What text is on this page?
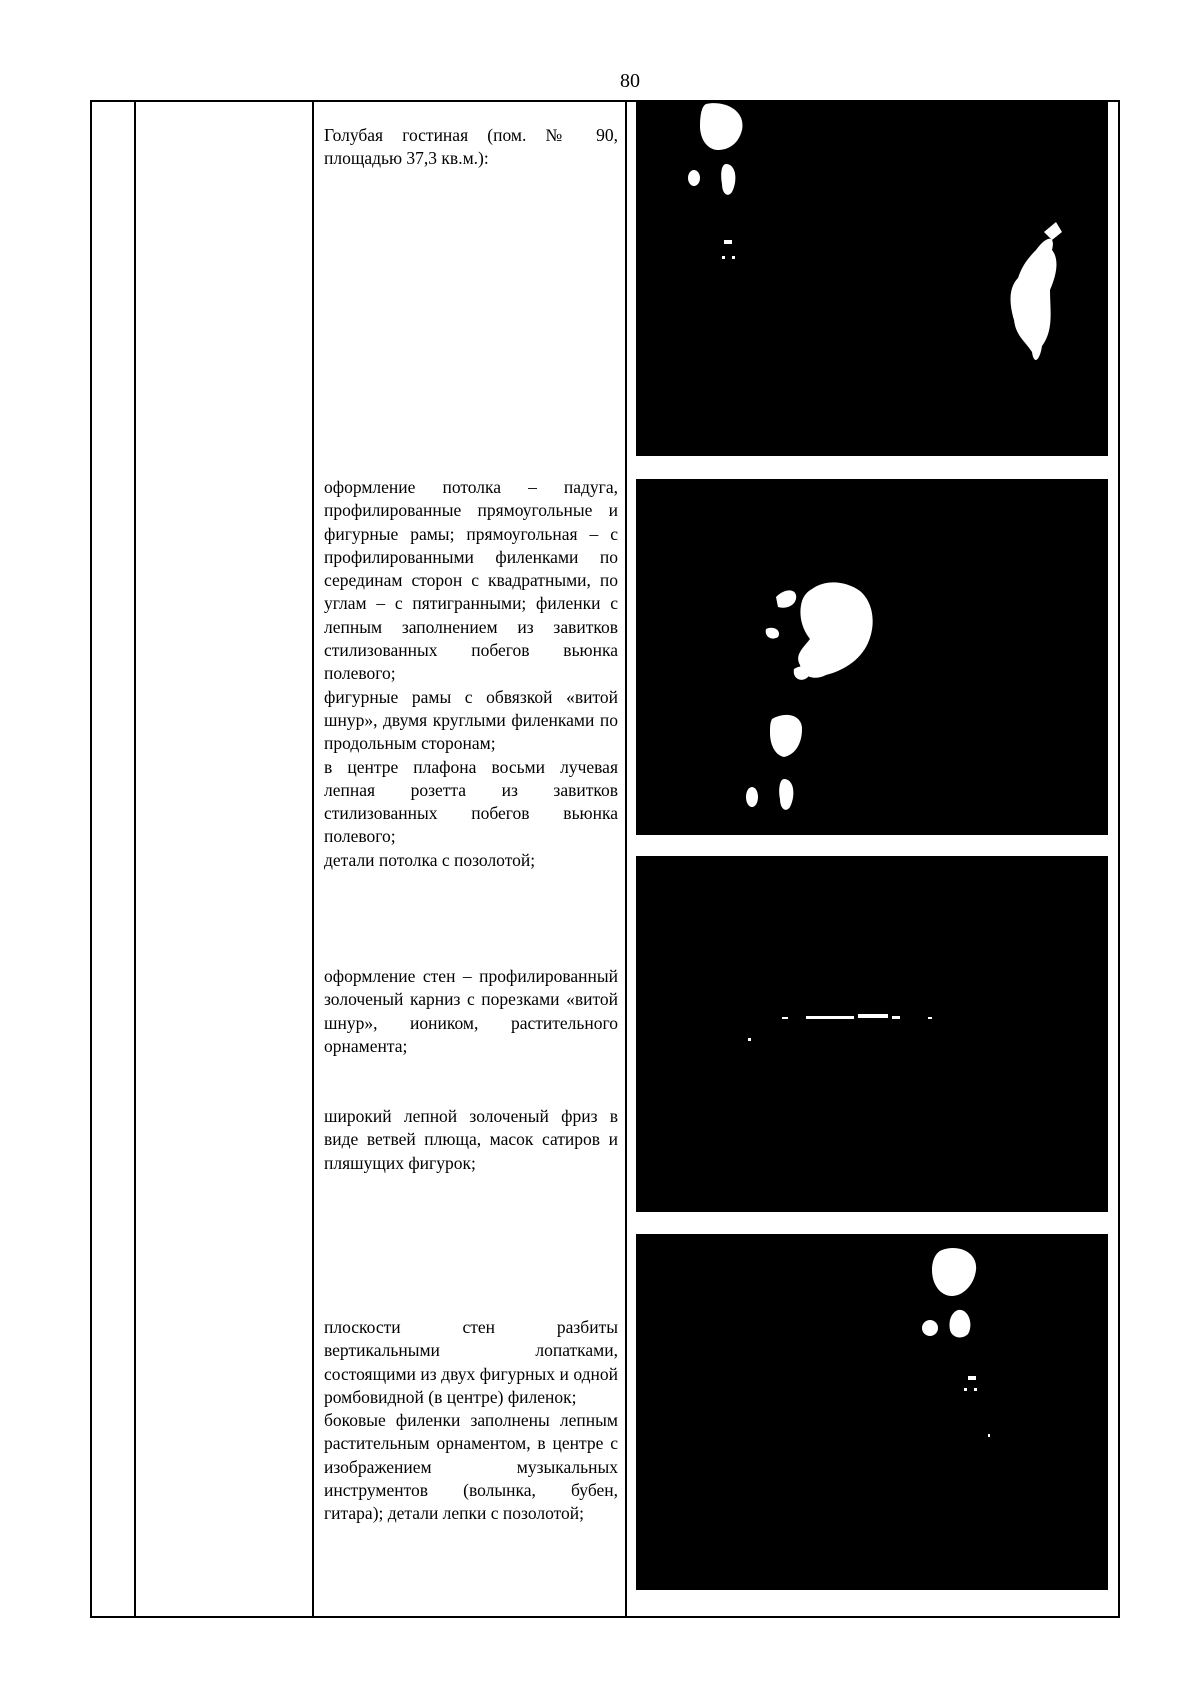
80

Голубая гостиная (пом. № 90, площадью 37,3 кв.м.):

оформление потолка – падуга, профилированные прямоугольные и фигурные рамы; прямоугольная – с профилированными филенками по серединам сторон с квадратными, по углам – с пятигранными; филенки с лепным заполнением из завитков стилизованных побегов вьюнка полевого;

фигурные рамы с обвязкой «витой шнур», двумя круглыми филенками по продольным сторонам;

в центре плафона восьми лучевая лепная розетта из завитков стилизованных побегов вьюнка полевого;

детали потолка с позолотой;

оформление стен – профилированный золоченый карниз с порезками «витой шнур», иоником, растительного орнамента;

широкий лепной золоченый фриз в виде ветвей плюща, масок сатиров и пляшущих фигурок;

плоскости стен разбиты вертикальными лопатками, состоящими из двух фигурных и одной ромбовидной (в центре) филенок;

боковые филенки заполнены лепным растительным орнаментом, в центре с изображением музыкальных инструментов (волынка, бубен, гитара); детали лепки с позолотой;
